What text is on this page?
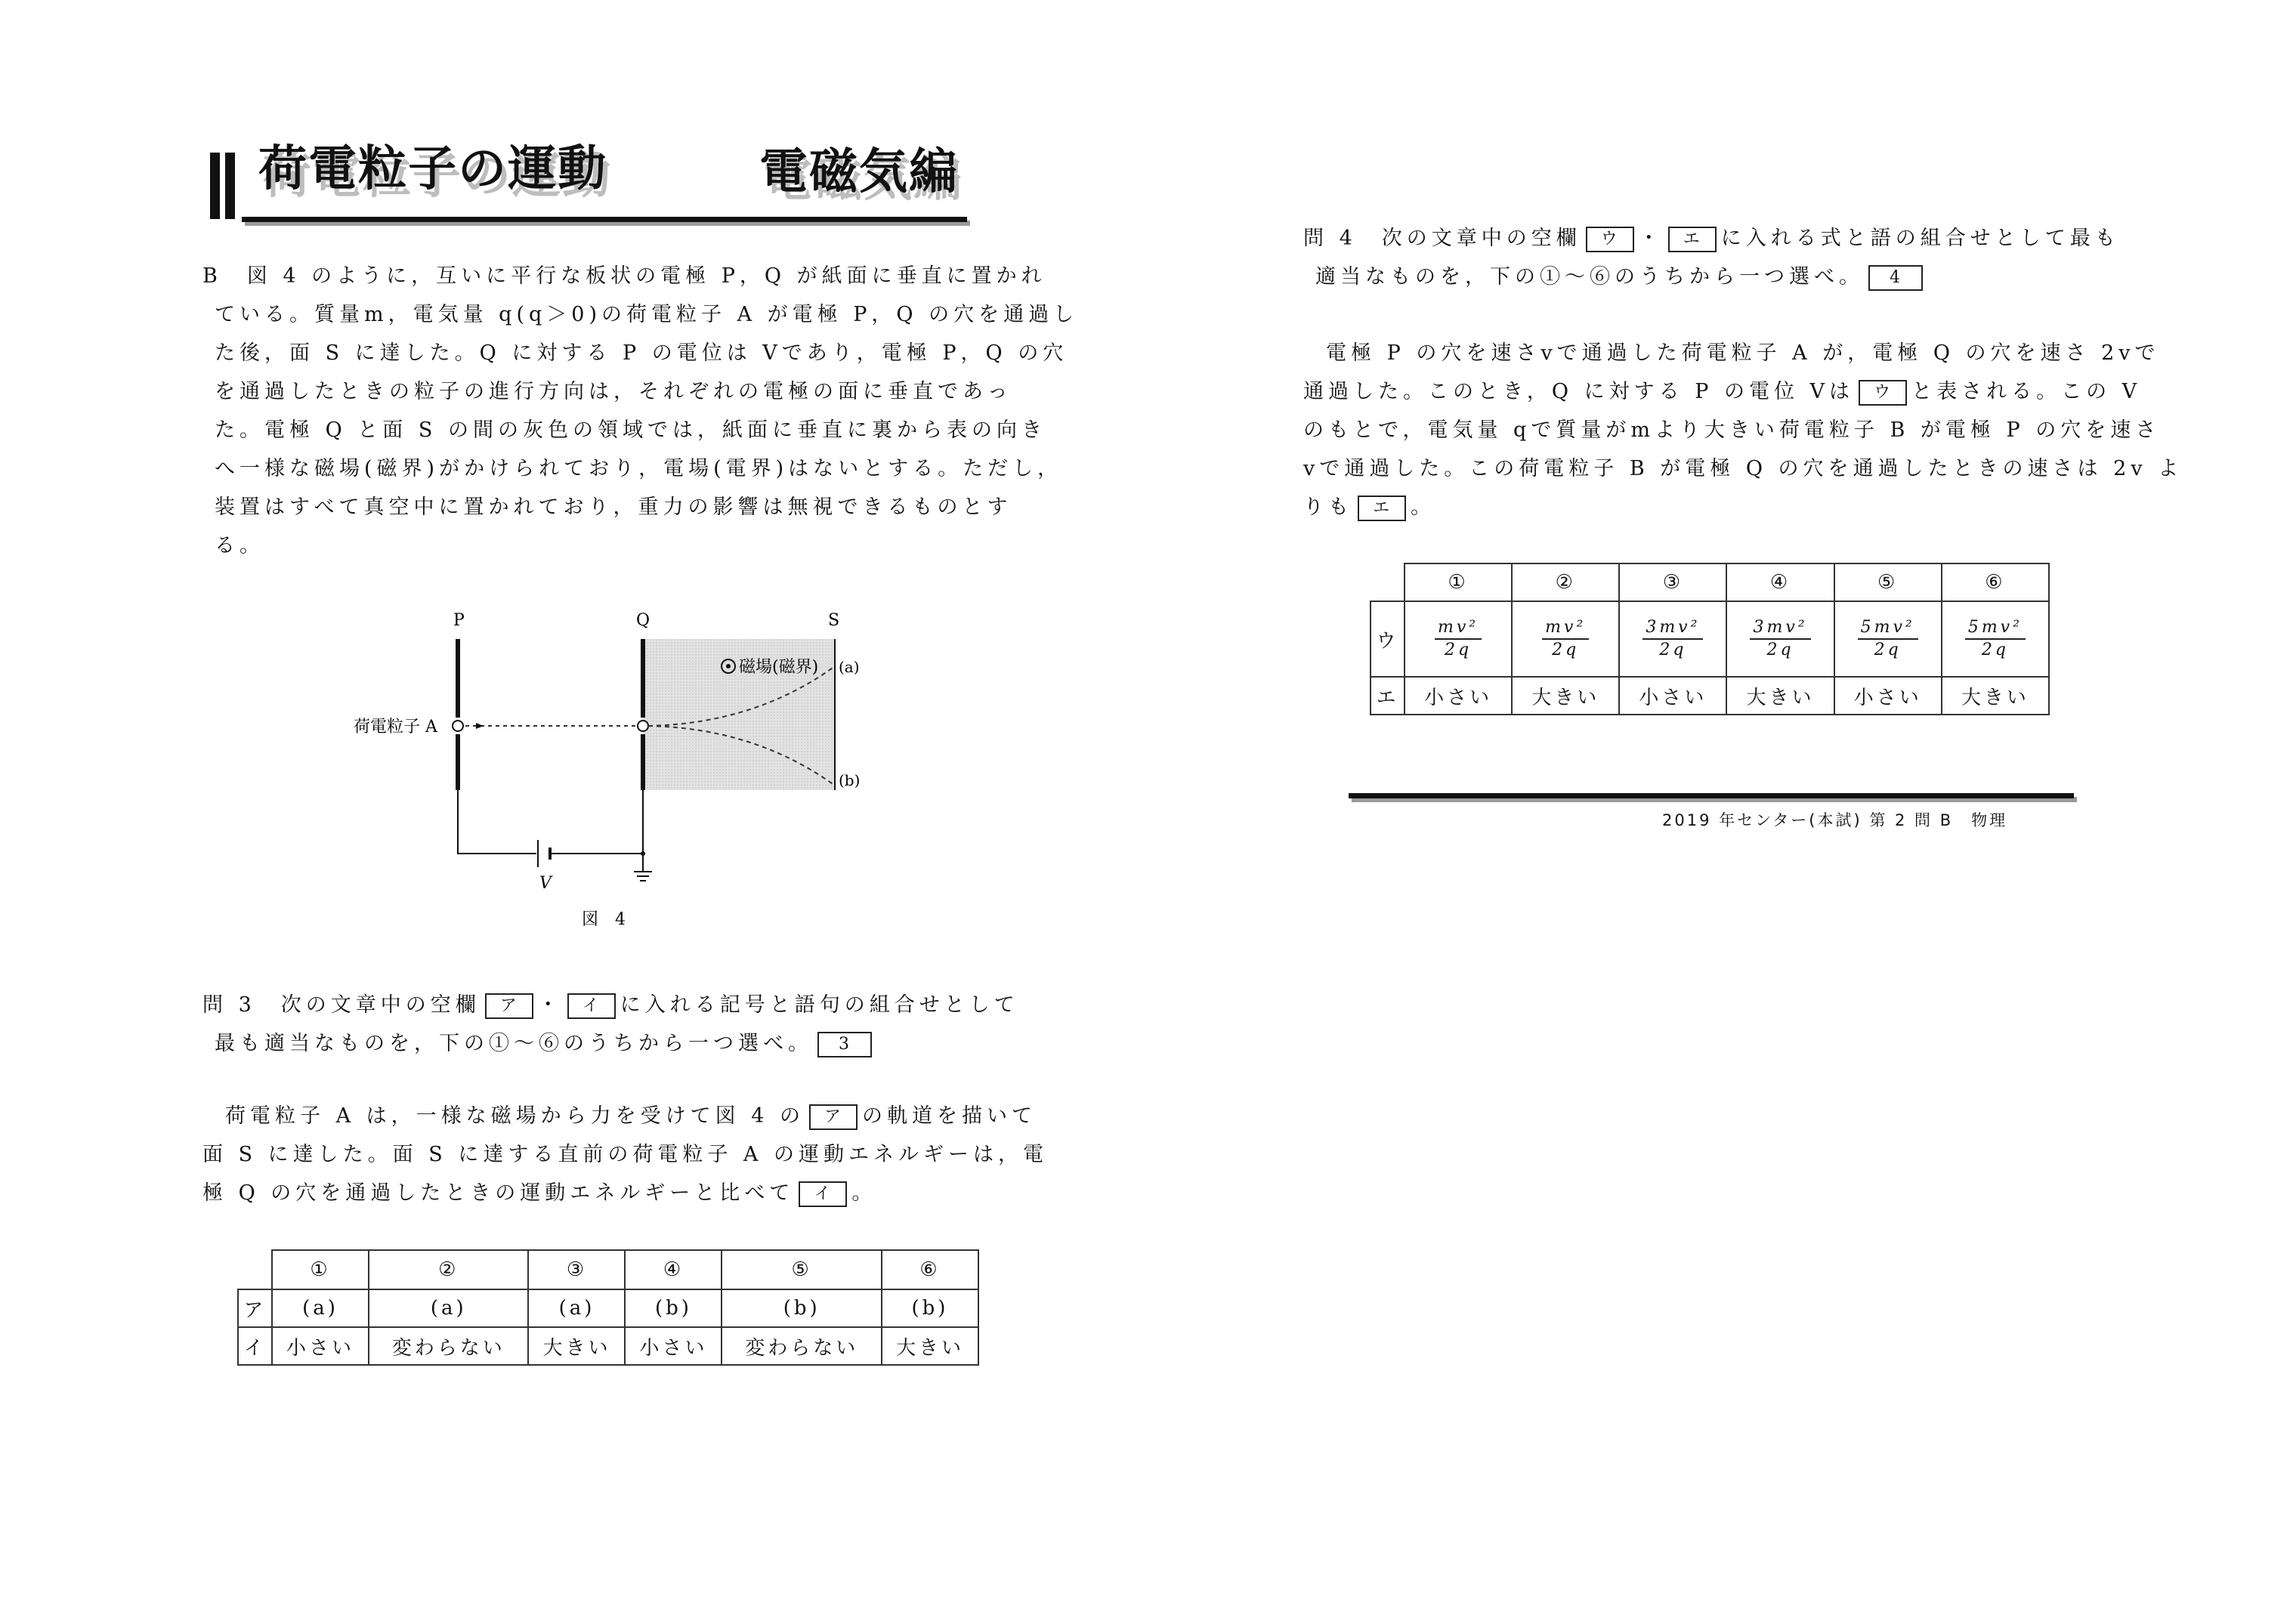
荷電粒子の運動	電磁気編
B　図 4 のように，互いに平行な板状の電極 P，Q が紙面に垂直に置かれ
ている。質量m，電気量 q(q＞0)の荷電粒子 A が電極 P，Q の穴を通過し
た後，面 S に達した。Q に対する P の電位は Vであり，電極 P，Q の穴
を通過したときの粒子の進行方向は，それぞれの電極の面に垂直であっ
た。電極 Q と面 S の間の灰色の領域では，紙面に垂直に裏から表の向き
へ一様な磁場(磁界)がかけられており，電場(電界)はないとする。ただし，
装置はすべて真空中に置かれており，重力の影響は無視できるものとす
る。
P	Q	S
荷電粒子 A
磁場(磁界) (a)
(b)
V
図　4
問 3　次の文章中の空欄 ア ・ イ に入れる記号と語句の組合せとして
最も適当なものを，下の①～⑥のうちから一つ選べ。 3
荷電粒子 A は，一様な磁場から力を受けて図 4 の ア の軌道を描いて
面 S に達した。面 S に達する直前の荷電粒子 A の運動エネルギーは，電
極 Q の穴を通過したときの運動エネルギーと比べて イ 。
	①	②	③	④	⑤	⑥
ア	(a)	(a)	(a)	(b)	(b)	(b)
イ	小さい	変わらない	大きい	小さい	変わらない	大きい
問 4　次の文章中の空欄 ウ ・ エ に入れる式と語の組合せとして最も
適当なものを，下の①～⑥のうちから一つ選べ。 4
電極 P の穴を速さvで通過した荷電粒子 A が，電極 Q の穴を速さ 2vで
通過した。このとき，Q に対する P の電位 Vは ウ と表される。この V
のもとで，電気量 qで質量がmより大きい荷電粒子 B が電極 P の穴を速さ
vで通過した。この荷電粒子 B が電極 Q の穴を通過したときの速さは 2v よ
りも エ 。
	①	②	③	④	⑤	⑥
ウ	$\frac{\text{mv²}}{2q}$	$\frac{\text{mv²}}{2q}$	$\frac{\text{3mv²}}{2q}$	$\frac{\text{3mv²}}{2q}$	$\frac{\text{5mv²}}{2q}$	$\frac{\text{5mv²}}{2q}$

エ	小さい	大きい	小さい	大きい	小さい	大きい
2019 年センター(本試) 第 2 問 B　物理
